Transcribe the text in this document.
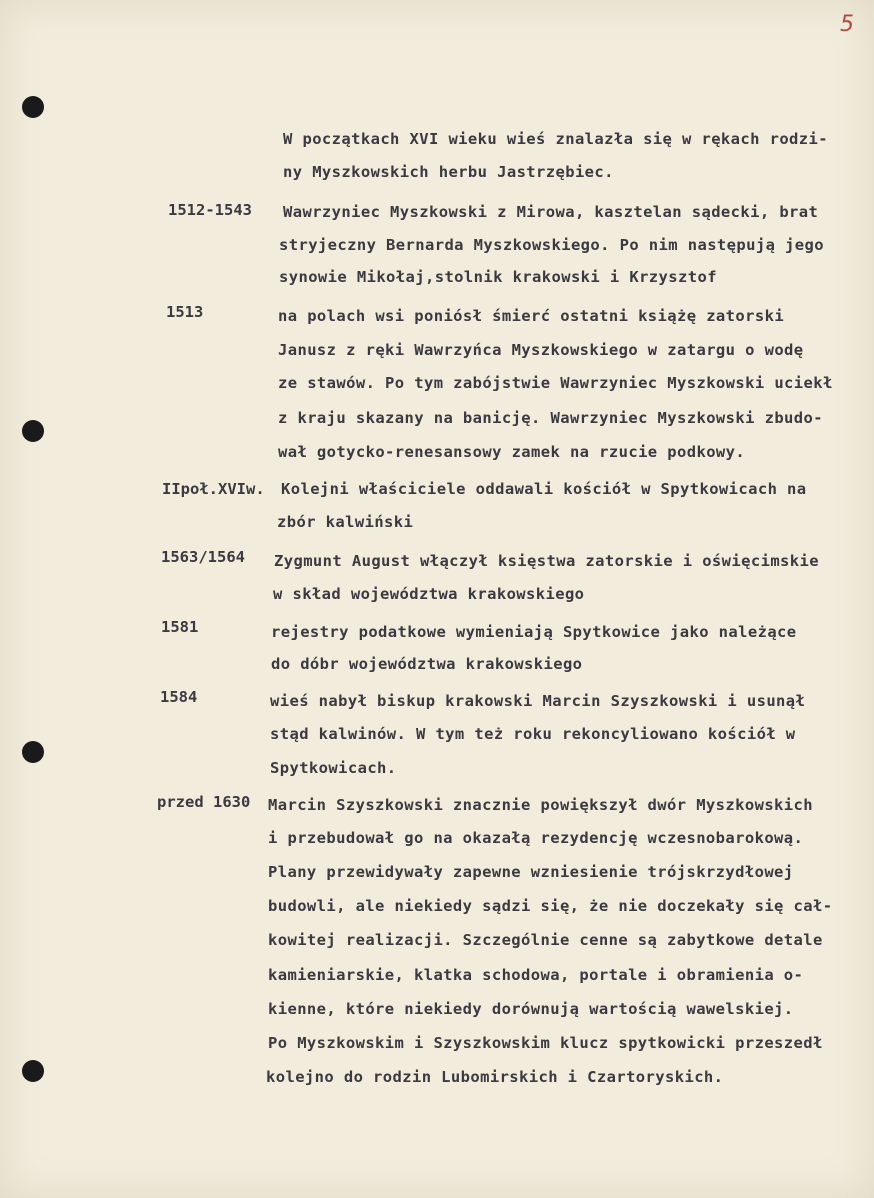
5
W początkach XVI wieku wieś znalazła się w rękach rodzi-
ny Myszkowskich herbu Jastrzębiec.
1512-1543 Wawrzyniec Myszkowski z Mirowa, kasztelan sądecki, brat
stryjeczny Bernarda Myszkowskiego. Po nim następują jego
synowie Mikołaj,stolnik krakowski i Krzysztof
1513	na polach wsi poniósł śmierć ostatni książę zatorski
Janusz z ręki Wawrzyńca Myszkowskiego w zatargu o wodę
ze stawów. Po tym zabójstwie Wawrzyniec Myszkowski uciekł
z kraju skazany na banicję. Wawrzyniec Myszkowski zbudo-
wał gotycko-renesansowy zamek na rzucie podkowy.
IIpoł.XVIw. Kolejni właściciele oddawali kościół w Spytkowicach na
zbór kalwiński
1563/1564 Zygmunt August włączył księstwa zatorskie i oświęcimskie
w skład województwa krakowskiego
1581	rejestry podatkowe wymieniają Spytkowice jako należące
do dóbr województwa krakowskiego
1584	wieś nabył biskup krakowski Marcin Szyszkowski i usunął
stąd kalwinów. W tym też roku rekoncyliowano kościół w
Spytkowicach.
przed 1630 Marcin Szyszkowski znacznie powiększył dwór Myszkowskich
i przebudował go na okazałą rezydencję wczesnobarokową.
Plany przewidywały zapewne wzniesienie trójskrzydłowej
budowli, ale niekiedy sądzi się, że nie doczekały się cał-
kowitej realizacji. Szczególnie cenne są zabytkowe detale
kamieniarskie, klatka schodowa, portale i obramienia o-
kienne, które niekiedy dorównują wartością wawelskiej.
Po Myszkowskim i Szyszkowskim klucz spytkowicki przeszedł
kolejno do rodzin Lubomirskich i Czartoryskich.
